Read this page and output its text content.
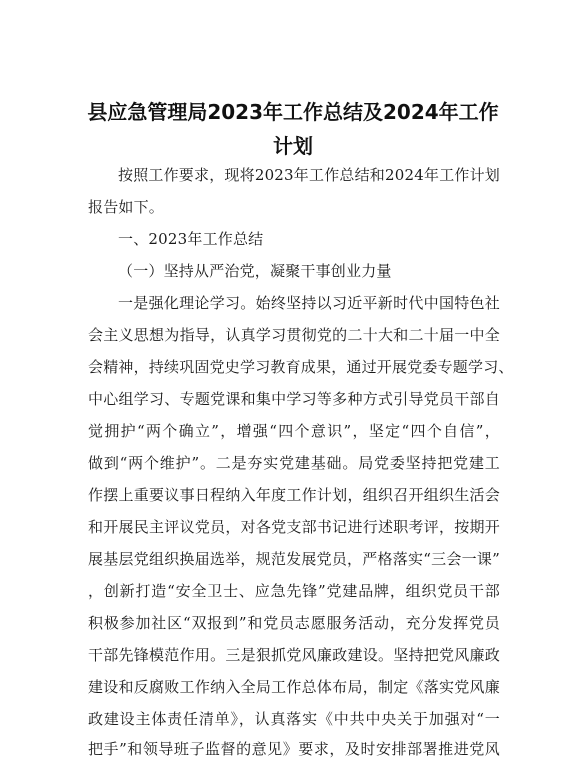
县应急管理局2023年工作总结及2024年工作
计划
按照工作要求，现将2023年工作总结和2024年工作计划
报告如下。
一、2023年工作总结
（一）坚持从严治党，凝聚干事创业力量
一是强化理论学习。始终坚持以习近平新时代中国特色社
会主义思想为指导，认真学习贯彻党的二十大和二十届一中全
会精神，持续巩固党史学习教育成果，通过开展党委专题学习、
中心组学习、专题党课和集中学习等多种方式引导党员干部自
觉拥护“两个确立”，增强“四个意识”，坚定“四个自信”，
做到“两个维护”。二是夯实党建基础。局党委坚持把党建工
作摆上重要议事日程纳入年度工作计划，组织召开组织生活会
和开展民主评议党员，对各党支部书记进行述职考评，按期开
展基层党组织换届选举，规范发展党员，严格落实“三会一课”
，创新打造“安全卫士、应急先锋”党建品牌，组织党员干部
积极参加社区“双报到”和党员志愿服务活动，充分发挥党员
干部先锋模范作用。三是狠抓党风廉政建设。坚持把党风廉政
建设和反腐败工作纳入全局工作总体布局，制定《落实党风廉
政建设主体责任清单》，认真落实《中共中央关于加强对“一
把手”和领导班子监督的意见》要求，及时安排部署推进党风
